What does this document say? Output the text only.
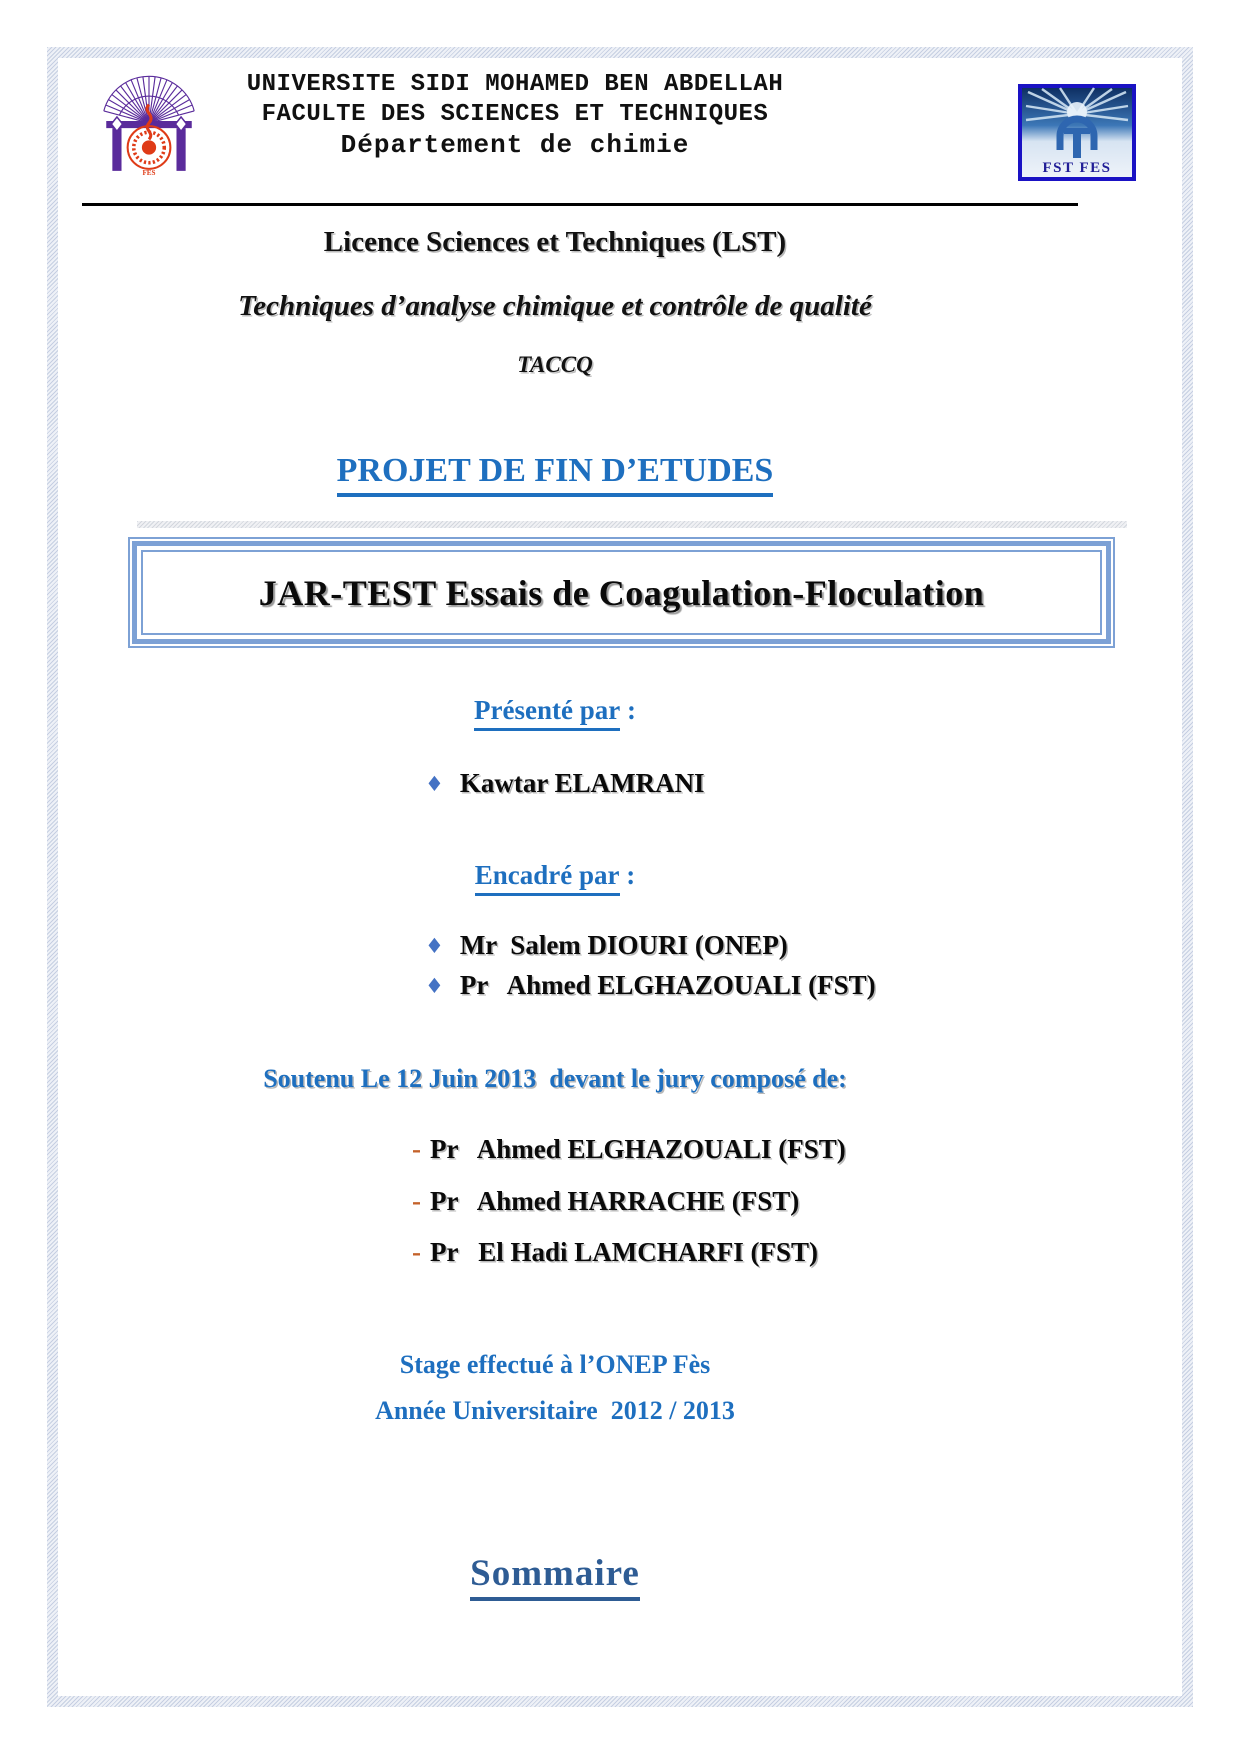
FES
UNIVERSITE SIDI MOHAMED BEN ABDELLAH
FACULTE DES SCIENCES ET TECHNIQUES
Département de chimie
FST FES
Licence Sciences et Techniques (LST)
Techniques d’analyse chimique et contrôle de qualité
TACCQ
PROJET DE FIN D’ETUDES
JAR-TEST Essais de Coagulation-Floculation
Présenté par :
♦ Kawtar ELAMRANI
Encadré par :
♦ Mr  Salem DIOURI (ONEP)
♦ Pr   Ahmed ELGHAZOUALI (FST)
Soutenu Le 12 Juin 2013  devant le jury composé de:
- Pr   Ahmed ELGHAZOUALI (FST)
- Pr   Ahmed HARRACHE (FST)
- Pr   El Hadi LAMCHARFI (FST)
Stage effectué à l’ONEP Fès
Année Universitaire  2012 / 2013
Sommaire
